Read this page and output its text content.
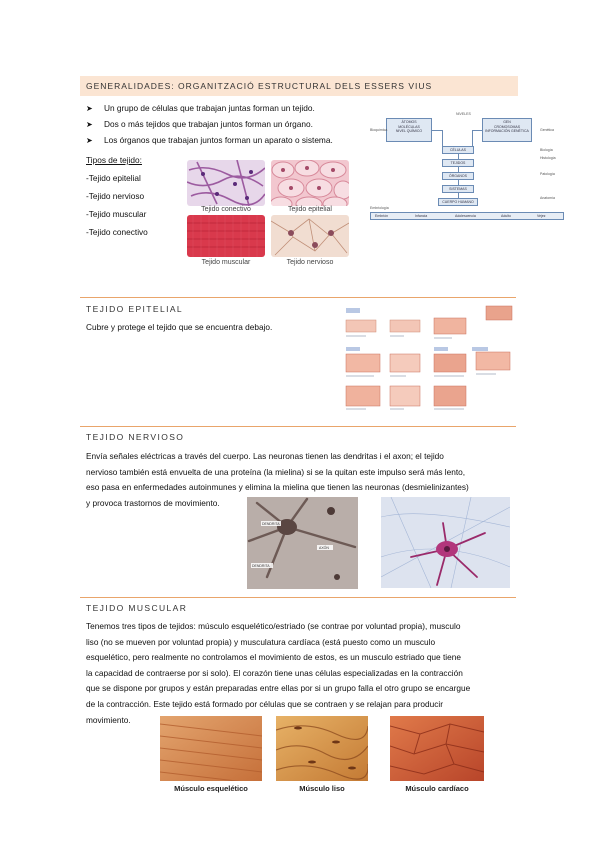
GENERALIDADES: ORGANITZACIÓ ESTRUCTURAL DELS ESSERS VIUS
➤ Un grupo de células que trabajan juntas forman un tejido.
➤ Dos o más tejidos que trabajan juntos forman un órgano.
➤ Los órganos que trabajan juntos forman un aparato o sistema.
Tipos de tejido:
-Tejido epitelial
-Tejido nervioso
-Tejido muscular
-Tejido conectivo
Tejido conectivo	Tejido epitelial
Tejido muscular	Tejido nervioso
NIVELES
ÁTOMOS
MOLÉCULAS
NIVEL QUÍMICO
GEN
CROMOSOMAS
INFORMACIÓN GENÉTICA
Bioquímica	Genética
Biología
Histología
Patología
Anatomía
Embriología
CÉLULAS
TEJIDOS
ÓRGANOS
SISTEMAS
CUERPO HUMANO
Embrión	Infancia	Adolescencia	Adulto	Vejez
TEJIDO EPITELIAL
Cubre y protege el tejido que se encuentra debajo.
TEJIDO NERVIOSO
Envía señales eléctricas a través del cuerpo. Las neuronas tienen las dendritas i el axon; el tejido
nervioso también está envuelta de una proteína (la mielina) si se la quitan este impulso será más lento,
eso pasa en enfermedades autoinmunes y elimina la mielina que tienen las neuronas (desmielinizantes)
y provoca trastornos de movimiento.
DENDRITA
AXÓN
DENDRITA
TEJIDO MUSCULAR
Tenemos tres tipos de tejidos: músculo esquelético/estriado (se contrae por voluntad propia), musculo
liso (no se mueven por voluntad propia) y musculatura cardíaca (está puesto como un musculo
esquelético, pero realmente no controlamos el movimiento de estos, es un musculo estriado que tiene
la capacidad de contraerse por si solo). El corazón tiene unas células especializadas en la contracción
que se dispone por grupos y están preparadas entre ellas por si un grupo falla el otro grupo se encargue
de la contracción. Este tejido está formado por células que se contraen y se relajan para producir
movimiento.
Músculo esquelético	Músculo liso	Músculo cardíaco
